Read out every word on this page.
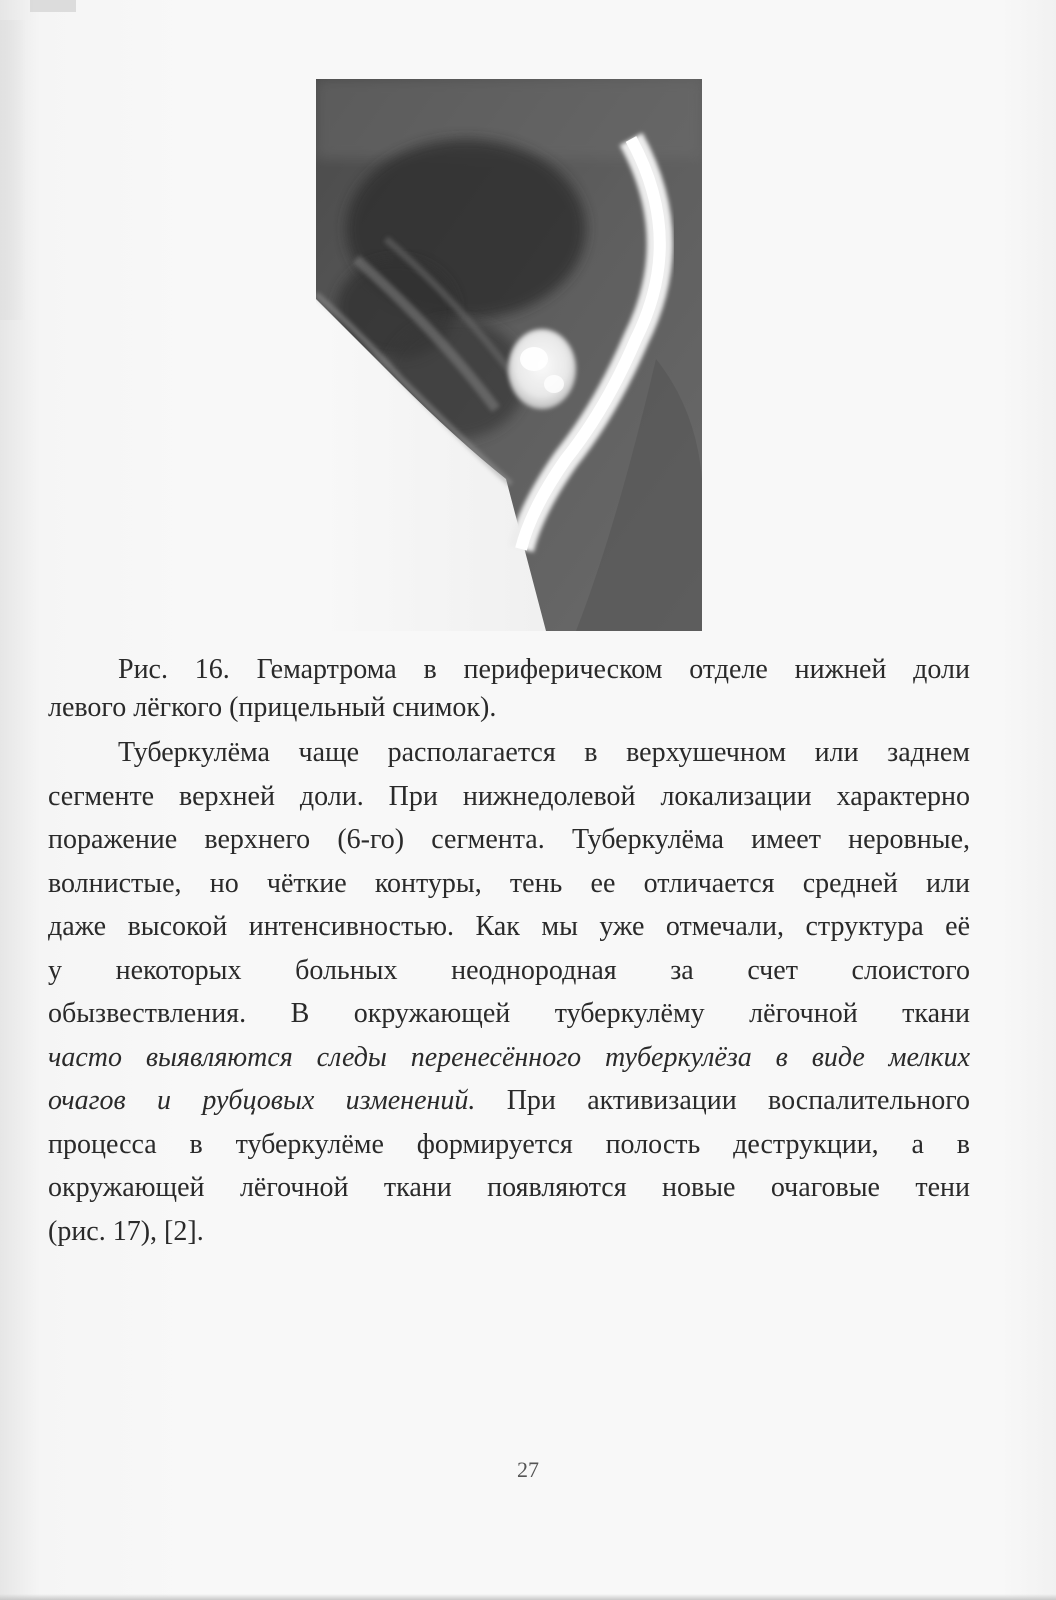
Рис. 16. Гемартрома в периферическом отделе нижней доли
левого лёгкого (прицельный снимок).
Туберкулёма чаще располагается в верхушечном или заднем
сегменте верхней доли. При нижнедолевой локализации характерно
поражение верхнего (6-го) сегмента. Туберкулёма имеет неровные,
волнистые, но чёткие контуры, тень ее отличается средней или
даже высокой интенсивностью. Как мы уже отмечали, структура её
у некоторых больных неоднородная за счет слоистого
обызвествления. В окружающей туберкулёму лёгочной ткани
часто выявляются следы перенесённого туберкулёза в виде мелких
очагов и рубцовых изменений. При активизации воспалительного
процесса в туберкулёме формируется полость деструкции, а в
окружающей лёгочной ткани появляются новые очаговые тени
(рис. 17), [2].
27
